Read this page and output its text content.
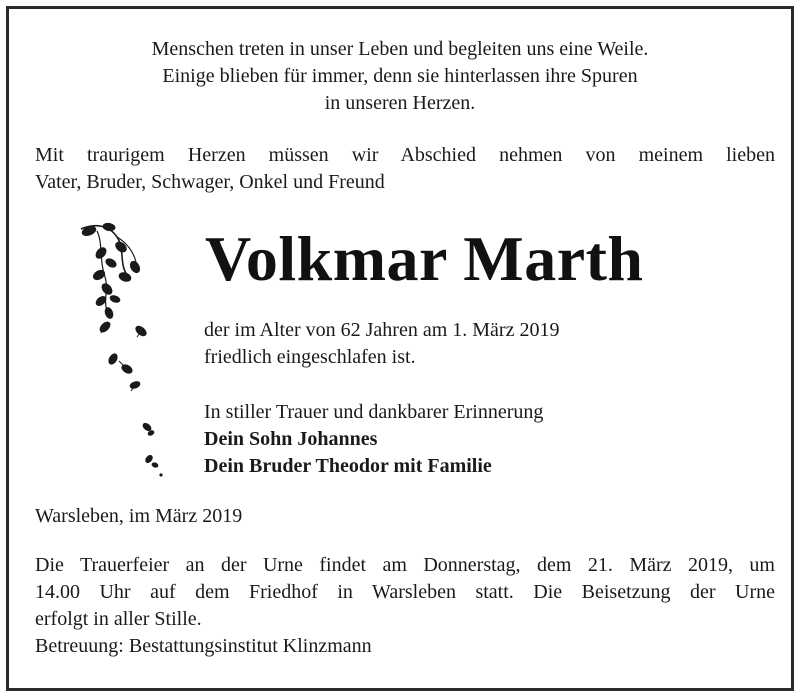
Menschen treten in unser Leben und begleiten uns eine Weile.
Einige blieben für immer, denn sie hinterlassen ihre Spuren
in unseren Herzen.
Mit traurigem Herzen müssen wir Abschied nehmen von meinem lieben
Vater, Bruder, Schwager, Onkel und Freund
Volkmar Marth
der im Alter von 62 Jahren am 1. März 2019
friedlich eingeschlafen ist.
In stiller Trauer und dankbarer Erinnerung
Dein Sohn Johannes
Dein Bruder Theodor mit Familie
Warsleben, im März 2019
Die Trauerfeier an der Urne findet am Donnerstag, dem 21. März 2019, um
14.00 Uhr auf dem Friedhof in Warsleben statt. Die Beisetzung der Urne
erfolgt in aller Stille.
Betreuung: Bestattungsinstitut Klinzmann
